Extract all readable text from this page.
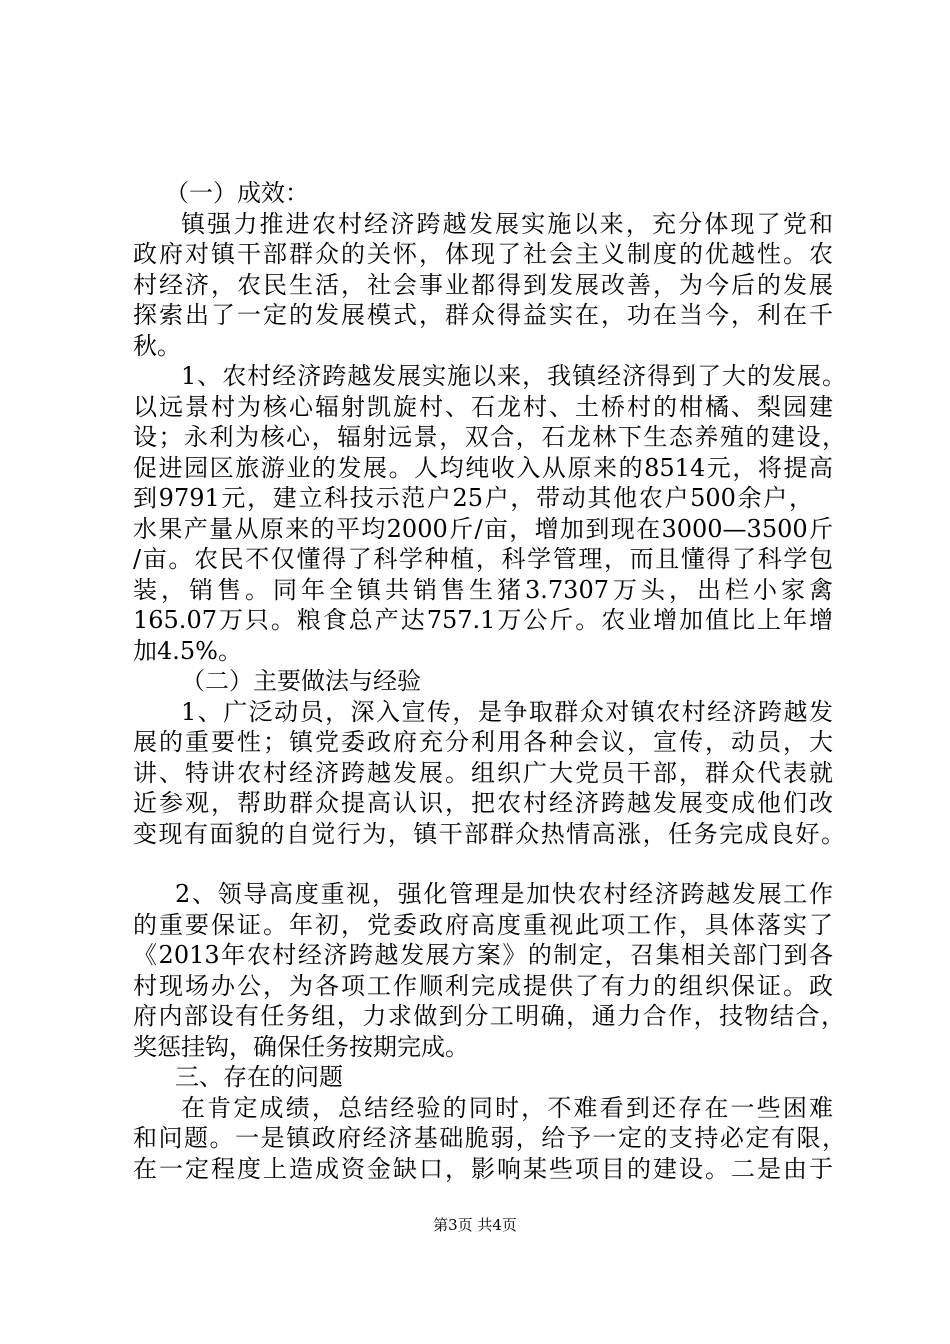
（一）成效：
镇强力推进农村经济跨越发展实施以来，充分体现了党和
政府对镇干部群众的关怀，体现了社会主义制度的优越性。农
村经济，农民生活，社会事业都得到发展改善，为今后的发展
探索出了一定的发展模式，群众得益实在，功在当今，利在千
秋。
1、农村经济跨越发展实施以来，我镇经济得到了大的发展。
以远景村为核心辐射凯旋村、石龙村、土桥村的柑橘、梨园建
设；永利为核心，辐射远景，双合，石龙林下生态养殖的建设，
促进园区旅游业的发展。人均纯收入从原来的8514元，将提高
到9791元，建立科技示范户25户，带动其他农户500余户，
水果产量从原来的平均2000斤/亩，增加到现在3000—3500斤
/亩。农民不仅懂得了科学种植，科学管理，而且懂得了科学包
装，销售。同年全镇共销售生猪3.7307万头，出栏小家禽
165.07万只。粮食总产达757.1万公斤。农业增加值比上年增
加4.5%。
（二）主要做法与经验
1、广泛动员，深入宣传，是争取群众对镇农村经济跨越发
展的重要性；镇党委政府充分利用各种会议，宣传，动员，大
讲、特讲农村经济跨越发展。组织广大党员干部，群众代表就
近参观，帮助群众提高认识，把农村经济跨越发展变成他们改
变现有面貌的自觉行为，镇干部群众热情高涨，任务完成良好。
2、领导高度重视，强化管理是加快农村经济跨越发展工作
的重要保证。年初，党委政府高度重视此项工作，具体落实了
《2013年农村经济跨越发展方案》的制定，召集相关部门到各
村现场办公，为各项工作顺利完成提供了有力的组织保证。政
府内部设有任务组，力求做到分工明确，通力合作，技物结合，
奖惩挂钩，确保任务按期完成。
三、存在的问题
在肯定成绩，总结经验的同时，不难看到还存在一些困难
和问题。一是镇政府经济基础脆弱，给予一定的支持必定有限，
在一定程度上造成资金缺口，影响某些项目的建设。二是由于
第3页 共4页
